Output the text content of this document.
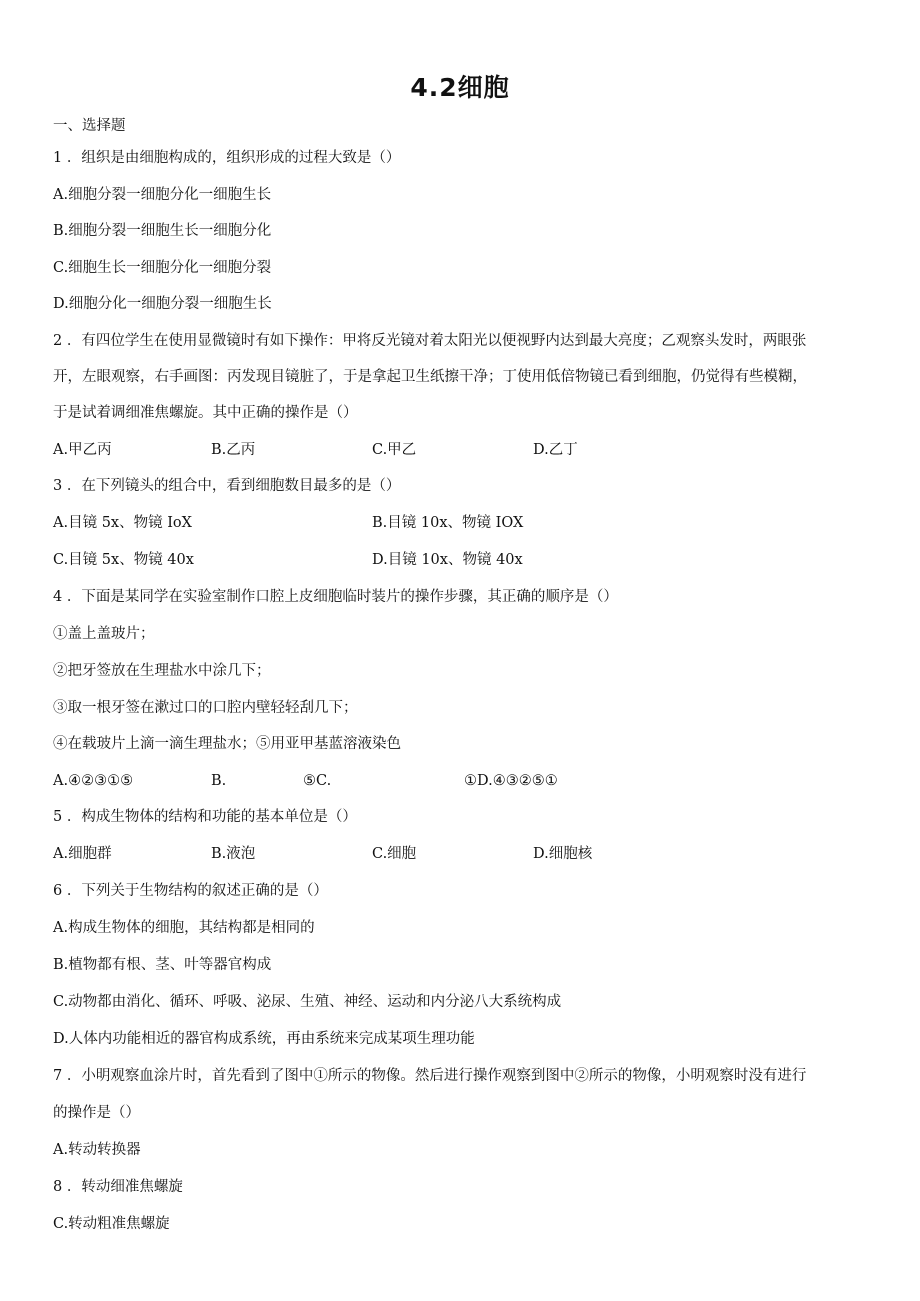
4.2细胞
一、选择题
1 ．组织是由细胞构成的，组织形成的过程大致是（）
A.细胞分裂一细胞分化一细胞生长
B.细胞分裂一细胞生长一细胞分化
C.细胞生长一细胞分化一细胞分裂
D.细胞分化一细胞分裂一细胞生长
2 ．有四位学生在使用显微镜时有如下操作：甲将反光镜对着太阳光以便视野内达到最大亮度；乙观察头发时，两眼张
开，左眼观察，右手画图：丙发现目镜脏了，于是拿起卫生纸擦干净；丁使用低倍物镜已看到细胞，仍觉得有些模糊，
于是试着调细准焦螺旋。其中正确的操作是（）
A.甲乙丙	B.乙丙	C.甲乙	D.乙丁
3 ．在下列镜头的组合中，看到细胞数目最多的是（）
A.目镜 5x、物镜 IoX	B.目镜 10x、物镜 IOX
C.目镜 5x、物镜 40x	D.目镜 10x、物镜 40x
4 ．下面是某同学在实验室制作口腔上皮细胞临时装片的操作步骤，其正确的顺序是（）
①盖上盖玻片；
②把牙签放在生理盐水中涂几下；
③取一根牙签在漱过口的口腔内壁轻轻刮几下；
④在载玻片上滴一滴生理盐水；⑤用亚甲基蓝溶液染色
A.④②③①⑤	B.	⑤C.	①D.④③②⑤①
5 ．构成生物体的结构和功能的基本单位是（）
A.细胞群	B.液泡	C.细胞	D.细胞核
6 ．下列关于生物结构的叙述正确的是（）
A.构成生物体的细胞，其结构都是相同的
B.植物都有根、茎、叶等器官构成
C.动物都由消化、循环、呼吸、泌尿、生殖、神经、运动和内分泌八大系统构成
D.人体内功能相近的器官构成系统，再由系统来完成某项生理功能
7 ．小明观察血涂片时，首先看到了图中①所示的物像。然后进行操作观察到图中②所示的物像，小明观察时没有进行
的操作是（）
A.转动转换器
8 ．转动细准焦螺旋
C.转动粗准焦螺旋
